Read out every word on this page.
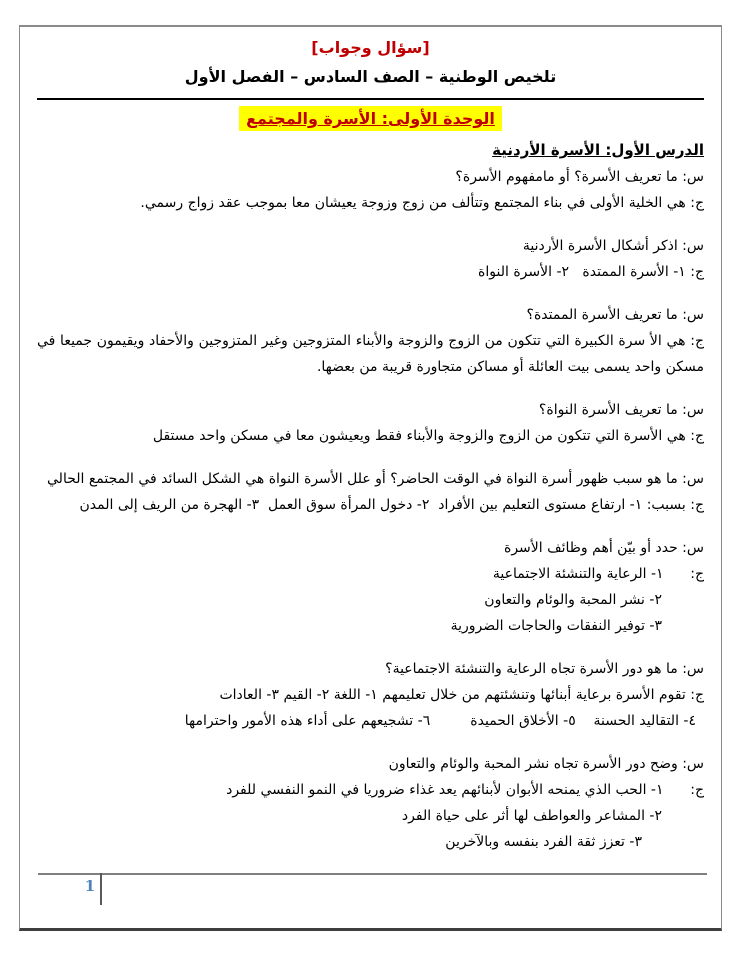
[سؤال وجواب]
تلخيص الوطنية – الصف السادس – الفصل الأول
الوحدة الأولى: الأسرة والمجتمع
الدرس الأول: الأسرة الأردنية
س: ما تعريف الأسرة؟ أو مامفهوم الأسرة؟
ج: هي الخلية الأولى في بناء المجتمع وتتألف من زوج وزوجة يعيشان معا بموجب عقد زواج رسمي.
س: اذكر أشكال الأسرة الأردنية
ج: ١- الأسرة الممتدة   ٢- الأسرة النواة
س: ما تعريف الأسرة الممتدة؟
ج: هي الأ سرة الكبيرة التي تتكون من الزوج والزوجة والأبناء المتزوجين وغير المتزوجين والأحفاد ويقيمون جميعا في مسكن واحد يسمى بيت العائلة أو مساكن متجاورة قريبة من بعضها.
س: ما تعريف الأسرة النواة؟
ج: هي الأسرة التي تتكون من الزوج والزوجة والأبناء فقط ويعيشون معا في مسكن واحد مستقل
س: ما هو سبب ظهور أسرة النواة في الوقت الحاضر؟ أو علل الأسرة النواة هي الشكل السائد في المجتمع الحالي
ج: بسبب: ١- ارتفاع مستوى التعليم بين الأفراد  ٢- دخول المرأة سوق العمل  ٣- الهجرة من الريف إلى المدن
س: حدد أو بيّن أهم وظائف الأسرة
ج:      ١- الرعاية والتنشئة الاجتماعية
٢- نشر المحبة والوئام والتعاون
٣- توفير النفقات والحاجات الضرورية
س: ما هو دور الأسرة تجاه الرعاية والتنشئة الاجتماعية؟
ج: تقوم الأسرة برعاية أبنائها وتنشئتهم من خلال تعليمهم ١- اللغة ٢- القيم ٣- العادات
٤- التقاليد الحسنة    ٥- الأخلاق الحميدة         ٦- تشجيعهم على أداء هذه الأمور واحترامها
س: وضح دور الأسرة تجاه نشر المحبة والوئام والتعاون
ج:      ١- الحب الذي يمنحه الأبوان لأبنائهم يعد غذاء ضروريا في النمو النفسي للفرد
٢- المشاعر والعواطف لها أثر على حياة الفرد
٣- تعزز ثقة الفرد بنفسه وبالآخرين
1
